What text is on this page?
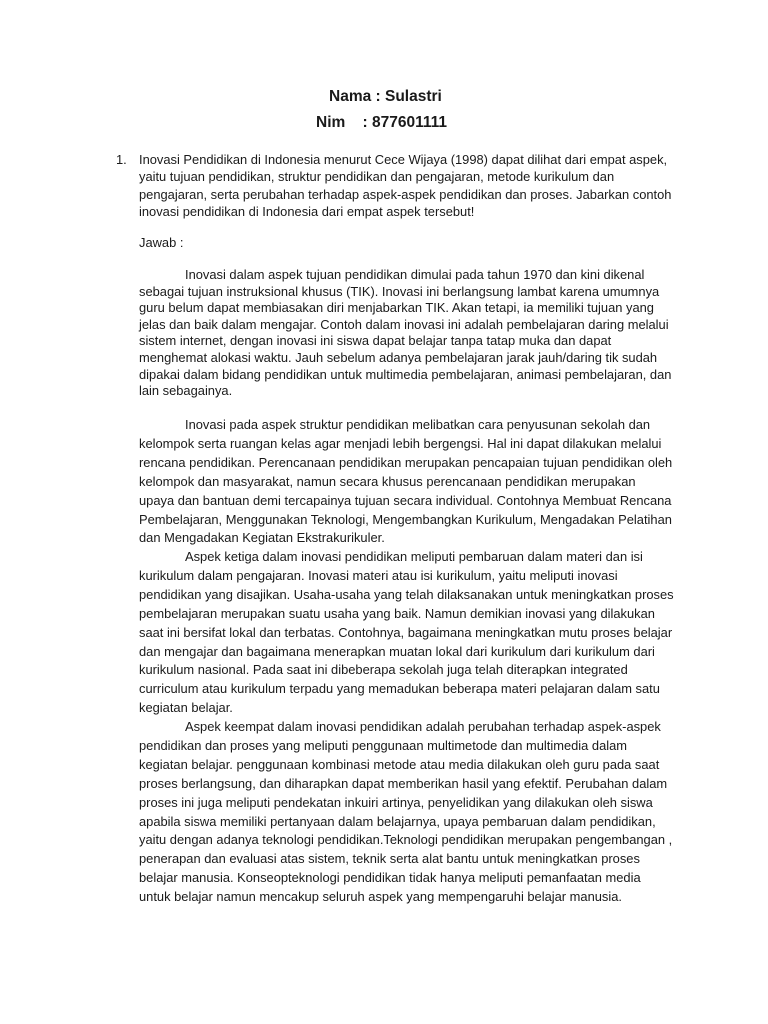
Nama : Sulastri
Nim    : 877601111
1. Inovasi Pendidikan di Indonesia menurut Cece Wijaya (1998) dapat dilihat dari empat aspek, yaitu tujuan pendidikan, struktur pendidikan dan pengajaran, metode kurikulum dan pengajaran, serta perubahan terhadap aspek-aspek pendidikan dan proses. Jabarkan contoh inovasi pendidikan di Indonesia dari empat aspek tersebut!
Jawab :

Inovasi dalam aspek tujuan pendidikan dimulai pada tahun 1970 dan kini dikenal sebagai tujuan instruksional khusus (TIK). Inovasi ini berlangsung lambat karena umumnya guru belum dapat membiasakan diri menjabarkan TIK. Akan tetapi, ia memiliki tujuan yang jelas dan baik dalam mengajar. Contoh dalam inovasi ini adalah pembelajaran daring melalui sistem internet, dengan inovasi ini siswa dapat belajar tanpa tatap muka dan dapat menghemat alokasi waktu. Jauh sebelum adanya pembelajaran jarak jauh/daring tik sudah dipakai dalam bidang pendidikan untuk multimedia pembelajaran, animasi pembelajaran, dan lain sebagainya.

Inovasi pada aspek struktur pendidikan melibatkan cara penyusunan sekolah dan kelompok serta ruangan kelas agar menjadi lebih bergengsi. Hal ini dapat dilakukan melalui rencana pendidikan. Perencanaan pendidikan merupakan pencapaian tujuan pendidikan oleh kelompok dan masyarakat, namun secara khusus perencanaan pendidikan merupakan upaya dan bantuan demi tercapainya tujuan secara individual. Contohnya Membuat Rencana Pembelajaran, Menggunakan Teknologi, Mengembangkan Kurikulum, Mengadakan Pelatihan dan Mengadakan Kegiatan Ekstrakurikuler.

Aspek ketiga dalam inovasi pendidikan meliputi pembaruan dalam materi dan isi kurikulum dalam pengajaran. Inovasi materi atau isi kurikulum, yaitu meliputi inovasi pendidikan yang disajikan. Usaha-usaha yang telah dilaksanakan untuk meningkatkan proses pembelajaran merupakan suatu usaha yang baik. Namun demikian inovasi yang dilakukan saat ini bersifat lokal dan terbatas. Contohnya, bagaimana meningkatkan mutu proses belajar dan mengajar dan bagaimana menerapkan muatan lokal dari kurikulum dari kurikulum dari kurikulum nasional. Pada saat ini dibeberapa sekolah juga telah diterapkan integrated curriculum atau kurikulum terpadu yang memadukan beberapa materi pelajaran dalam satu kegiatan belajar.

Aspek keempat dalam inovasi pendidikan adalah perubahan terhadap aspek-aspek pendidikan dan proses yang meliputi penggunaan multimetode dan multimedia dalam kegiatan belajar. penggunaan kombinasi metode atau media dilakukan oleh guru pada saat proses berlangsung, dan diharapkan dapat memberikan hasil yang efektif. Perubahan dalam proses ini juga meliputi pendekatan inkuiri artinya, penyelidikan yang dilakukan oleh siswa apabila siswa memiliki pertanyaan dalam belajarnya, upaya pembaruan dalam pendidikan, yaitu dengan adanya teknologi pendidikan.Teknologi pendidikan merupakan pengembangan , penerapan dan evaluasi atas sistem, teknik serta alat bantu untuk meningkatkan proses belajar manusia. Konseopteknologi pendidikan tidak hanya meliputi pemanfaatan media untuk belajar namun mencakup seluruh aspek yang mempengaruhi belajar manusia.
